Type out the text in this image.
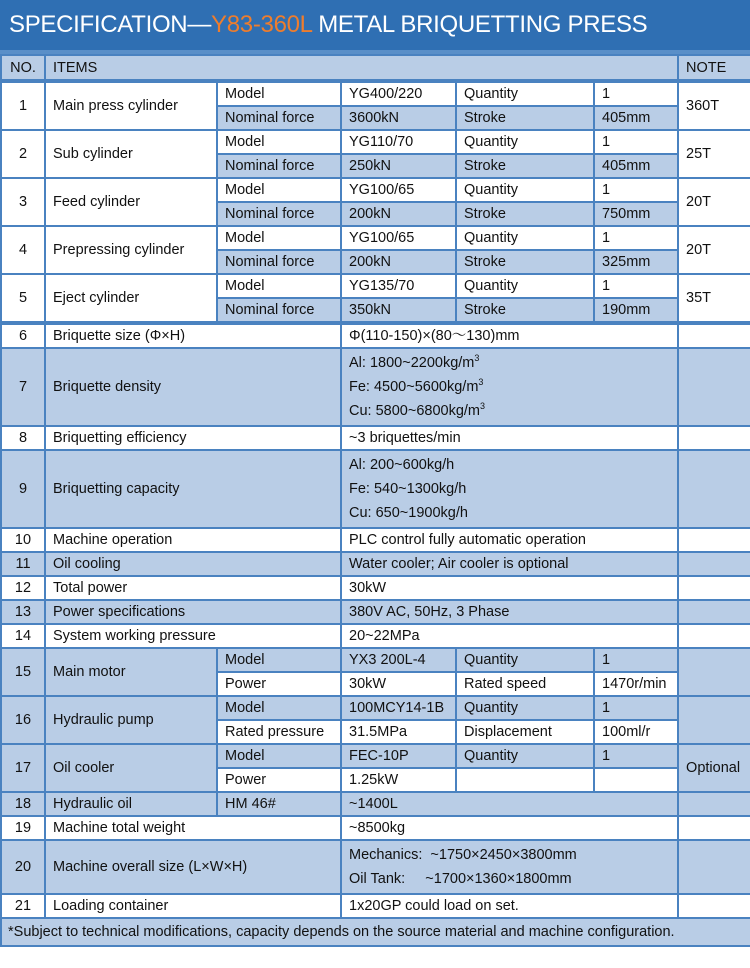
SPECIFICATION—Y83-360L METAL BRIQUETTING PRESS
NO.	ITEMS	NOTE
1	Main press cylinder	Model	YG400/220	Quantity	1	360T
		Nominal force	3600kN	Stroke	405mm	
2	Sub cylinder	Model	YG110/70	Quantity	1	25T
		Nominal force	250kN	Stroke	405mm	
3	Feed cylinder	Model	YG100/65	Quantity	1	20T
		Nominal force	200kN	Stroke	750mm	
4	Prepressing cylinder	Model	YG100/65	Quantity	1	20T
		Nominal force	200kN	Stroke	325mm	
5	Eject cylinder	Model	YG135/70	Quantity	1	35T
		Nominal force	350kN	Stroke	190mm	
6	Briquette size (Φ×H)		Φ(110-150)×(80～130)mm			
7	Briquette density		Al: $1800\sim 2200kg/m^3$
Fe: $4500\sim 5600kg/m^3$
Cu: $5800\sim 6800kg/m^3$

8	Briquetting efficiency		~3 briquettes/min			
9	Briquetting capacity		Al: 200~600kg/h
Fe: 540~1300kg/h
Cu: 650~1900kg/h			

10	Machine operation		PLC control fully automatic operation			
11	Oil cooling		Water cooler; Air cooler is optional			
12	Total power		30kW			
13	Power specifications		380V AC, 50Hz, 3 Phase			
14	System working pressure		20~22MPa			
15	Main motor	Model	YX3 200L-4	Quantity	1	
		Power	30kW	Rated speed	1470r/min	
16	Hydraulic pump	Model	100MCY14-1B	Quantity	1	
		Rated pressure	31.5MPa	Displacement	100ml/r	
17	Oil cooler	Model	FEC-10P	Quantity	1	Optional
		Power	1.25kW			
18	Hydraulic oil	HM 46#	~1400L			
19	Machine total weight		~8500kg			
20	Machine overall size (L×W×H)		Mechanics:  ~1750×2450×3800mm
Oil Tank:     ~1700×1360×1800mm			

21	Loading container		1x20GP could load on set.			
*Subject to technical modifications, capacity depends on the source material and machine configuration.						
